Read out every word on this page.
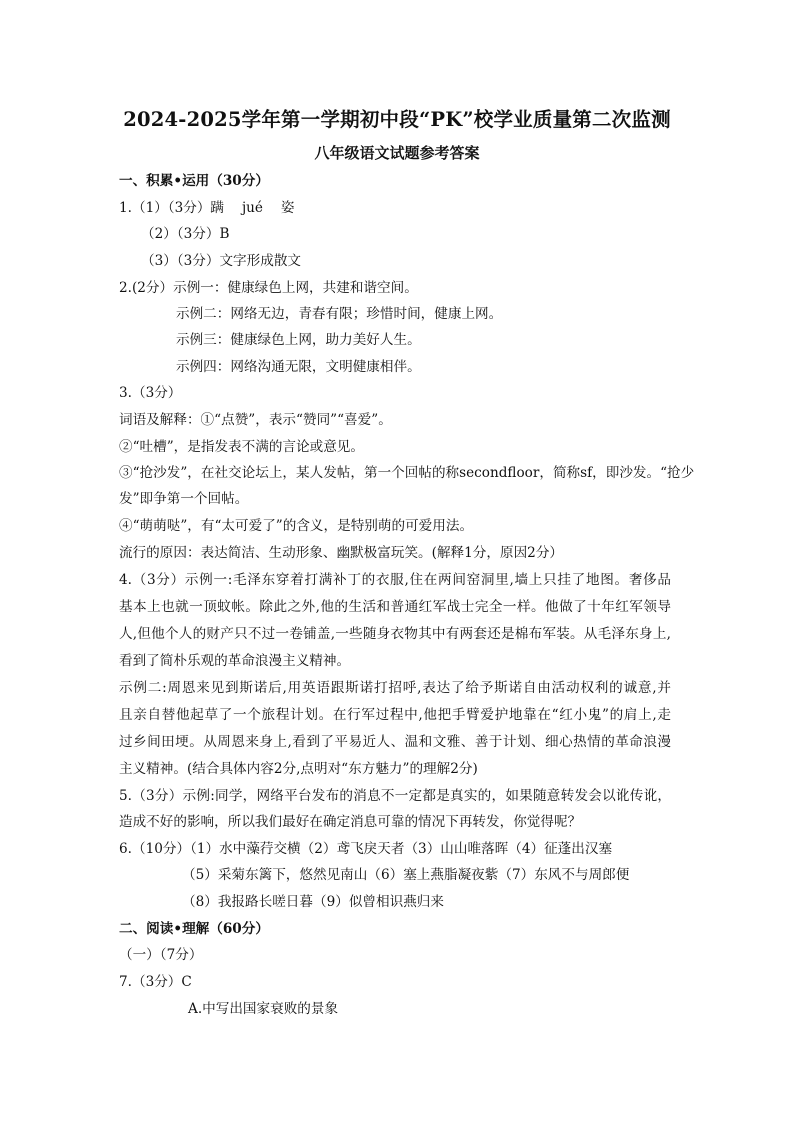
2024-2025学年第一学期初中段“PK”校学业质量第二次监测
八年级语文试题参考答案
一、积累•运用（30分）
1.（1）（3分）蹒　 jué　 姿
（2）（3分）B
（3）（3分）文字形成散文
2.(2分）示例一：健康绿色上网，共建和谐空间。
示例二：网络无边，青春有限；珍惜时间，健康上网。
示例三：健康绿色上网，助力美好人生。
示例四：网络沟通无限，文明健康相伴。
3.（3分）
词语及解释：①“点赞”，表示“赞同”“喜爱”。
②“吐槽”，是指发表不满的言论或意见。
③“抢沙发”，在社交论坛上，某人发帖，第一个回帖的称secondfloor，简称sf，即沙发。“抢少
发”即争第一个回帖。
④“萌萌哒”，有“太可爱了”的含义，是特别萌的可爱用法。
流行的原因：表达简洁、生动形象、幽默极富玩笑。(解释1分，原因2分）
4.（3分）示例一:毛泽东穿着打满补丁的衣服,住在两间窑洞里,墙上只挂了地图。奢侈品
基本上也就一顶蚊帐。除此之外,他的生活和普通红军战士完全一样。他做了十年红军领导
人,但他个人的财产只不过一卷铺盖,一些随身衣物其中有两套还是棉布军装。从毛泽东身上,
看到了简朴乐观的革命浪漫主义精神。
示例二:周恩来见到斯诺后,用英语跟斯诺打招呼,表达了给予斯诺自由活动权利的诚意,并
且亲自替他起草了一个旅程计划。在行军过程中,他把手臂爱护地靠在“红小鬼”的肩上,走
过乡间田埂。从周恩来身上,看到了平易近人、温和文雅、善于计划、细心热情的革命浪漫
主义精神。(结合具体内容2分,点明对“东方魅力”的理解2分)
5.（3分）示例:同学，网络平台发布的消息不一定都是真实的，如果随意转发会以讹传讹，
造成不好的影响，所以我们最好在确定消息可靠的情况下再转发，你觉得呢？
6.（10分）（1）水中藻荇交横（2）鸢飞戾天者（3）山山唯落晖（4）征蓬出汉塞
（5）采菊东篱下，悠然见南山（6）塞上燕脂凝夜紫（7）东风不与周郎便
（8）我报路长嗟日暮（9）似曾相识燕归来
二、阅读•理解（60分）
（一）（7分）
7.（3分）C
A.中写出国家衰败的景象
